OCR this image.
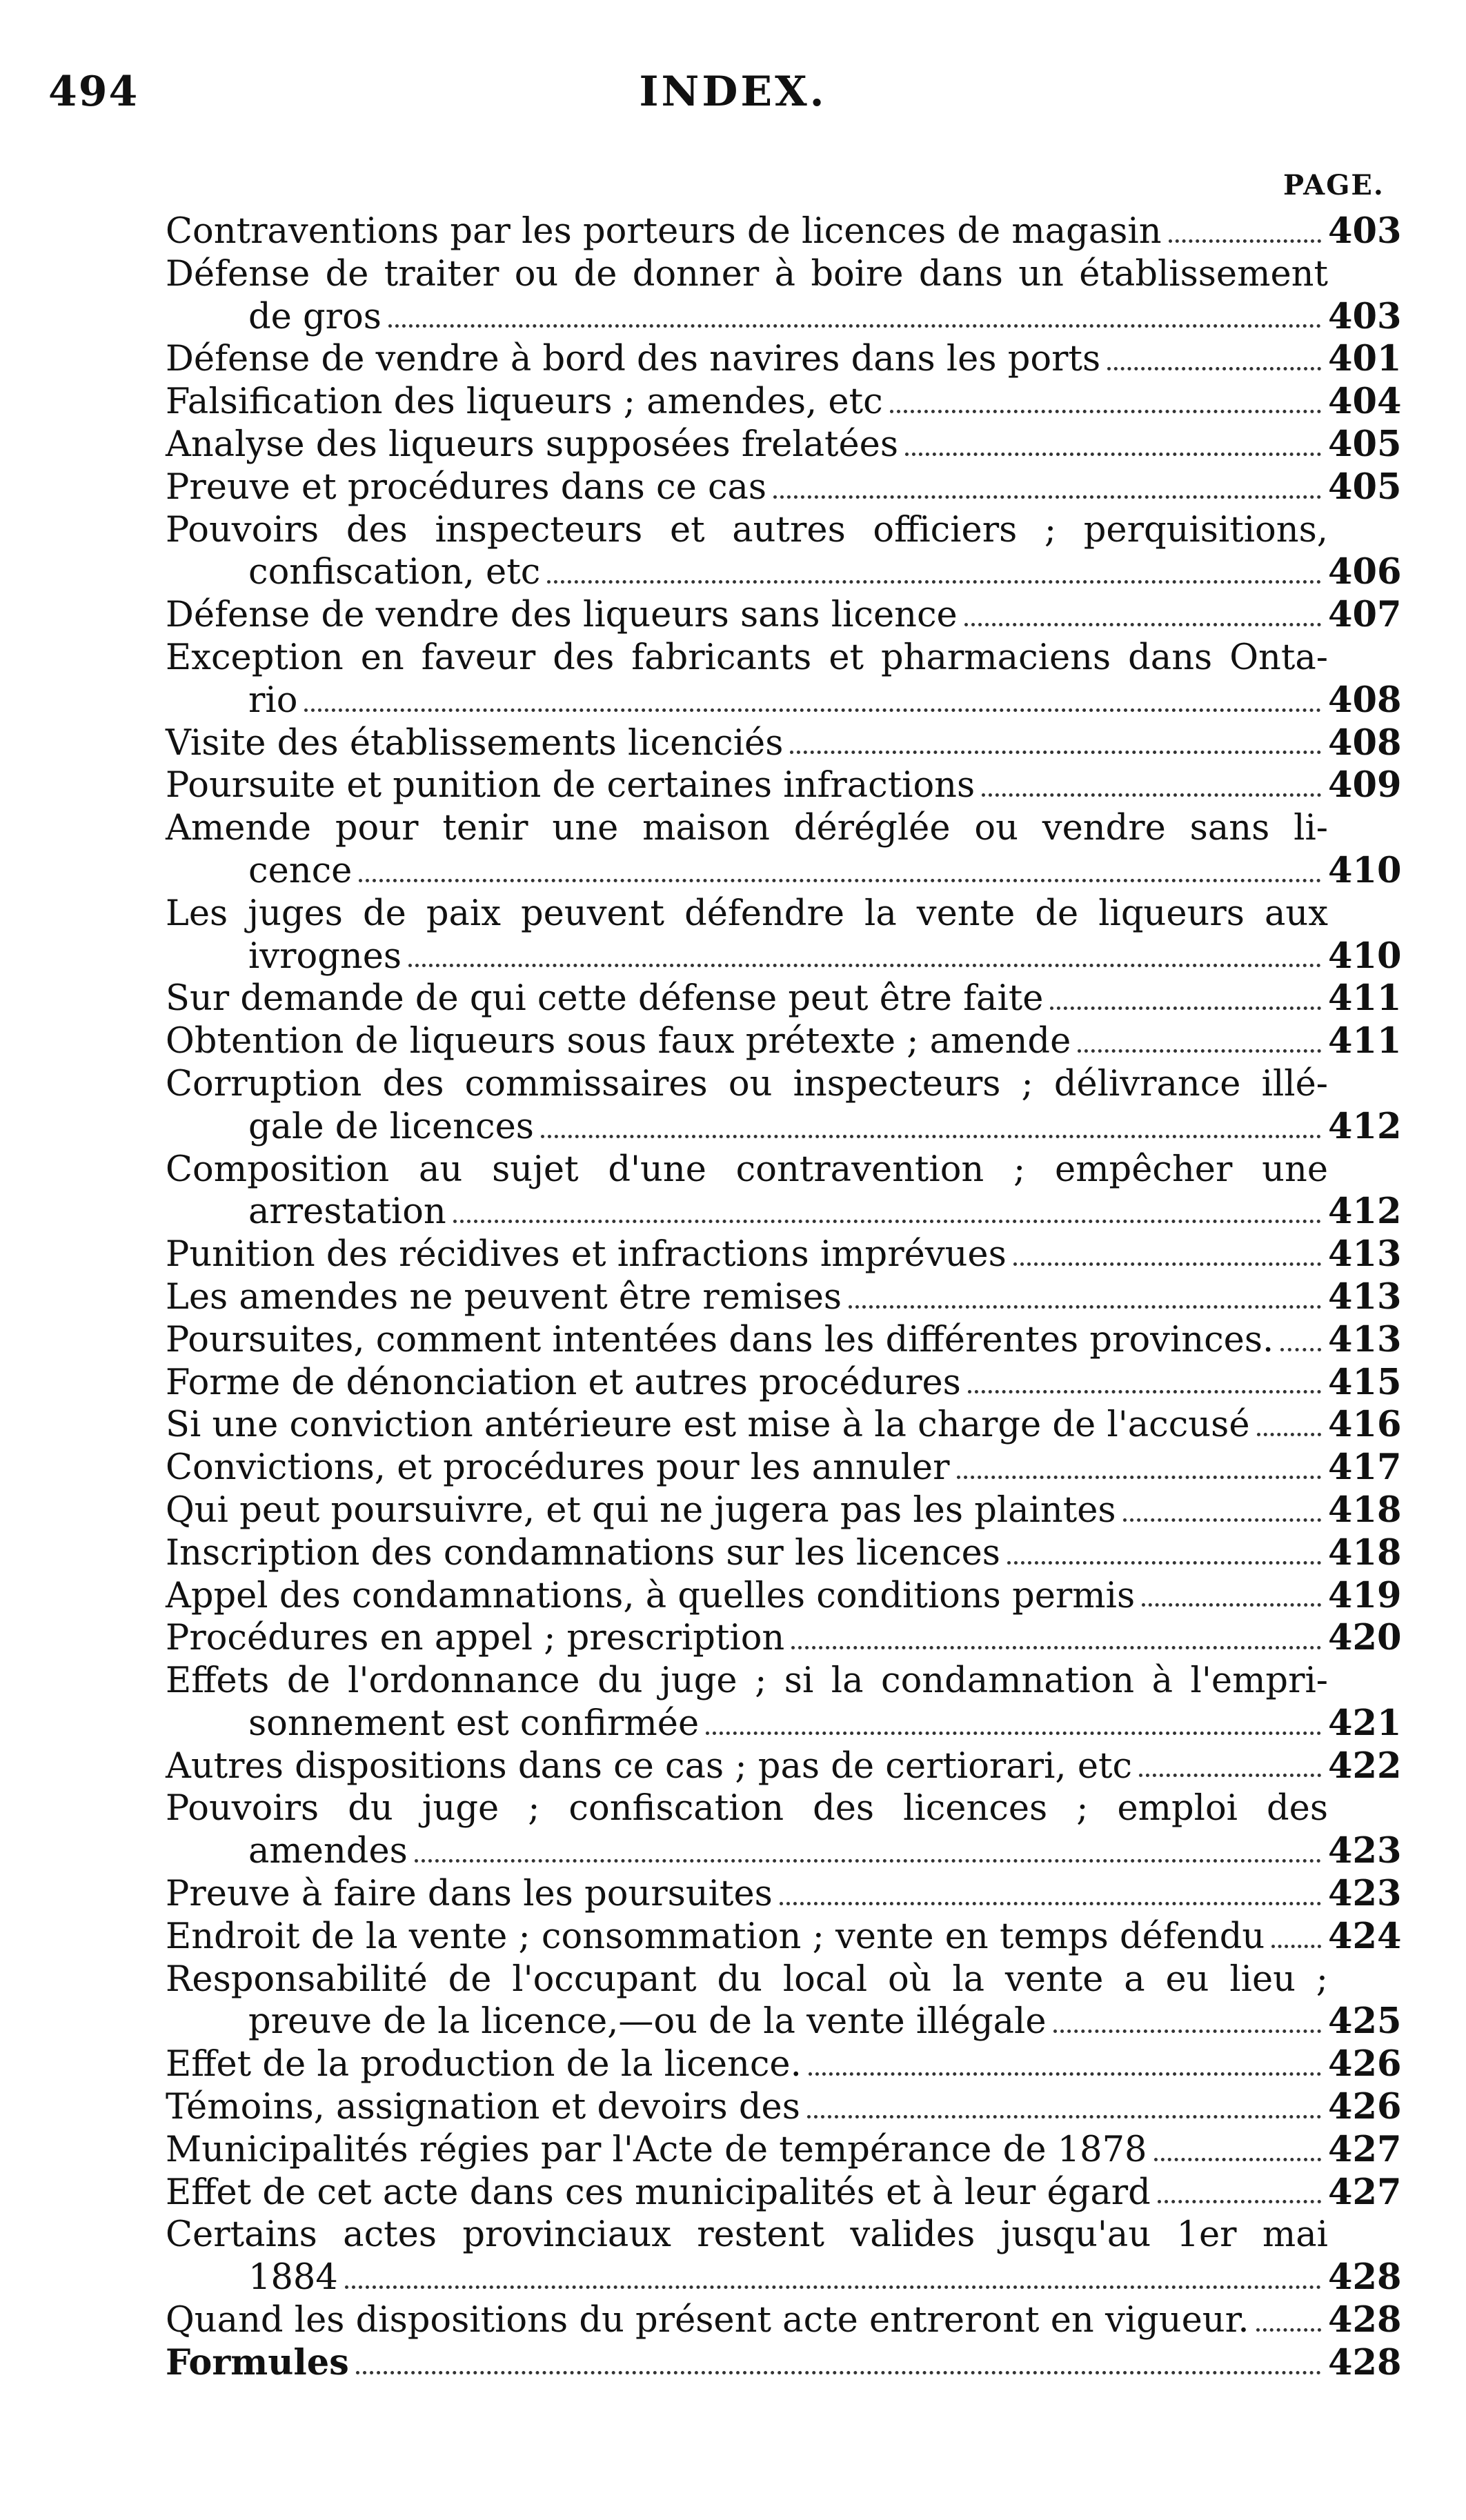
494	INDEX.
PAGE.
Contraventions par les porteurs de licences de magasin	403
Défense de traiter ou de donner à boire dans un établissement
de gros	403
Défense de vendre à bord des navires dans les ports	401
Falsification des liqueurs ; amendes, etc	404
Analyse des liqueurs supposées frelatées	405
Preuve et procédures dans ce cas	405
Pouvoirs des inspecteurs et autres officiers ; perquisitions,
confiscation, etc	406
Défense de vendre des liqueurs sans licence	407
Exception en faveur des fabricants et pharmaciens dans Onta-
rio	408
Visite des établissements licenciés	408
Poursuite et punition de certaines infractions	409
Amende pour tenir une maison déréglée ou vendre sans li-
cence	410
Les juges de paix peuvent défendre la vente de liqueurs aux
ivrognes	410
Sur demande de qui cette défense peut être faite	411
Obtention de liqueurs sous faux prétexte ; amende	411
Corruption des commissaires ou inspecteurs ; délivrance illé-
gale de licences	412
Composition au sujet d'une contravention ; empêcher une
arrestation	412
Punition des récidives et infractions imprévues	413
Les amendes ne peuvent être remises	413
Poursuites, comment intentées dans les différentes provinces. 413
Forme de dénonciation et autres procédures	415
Si une conviction antérieure est mise à la charge de l'accusé 416
Convictions, et procédures pour les annuler	417
Qui peut poursuivre, et qui ne jugera pas les plaintes	418
Inscription des condamnations sur les licences	418
Appel des condamnations, à quelles conditions permis	419
Procédures en appel ; prescription	420
Effets de l'ordonnance du juge ; si la condamnation à l'empri-
sonnement est confirmée	421
Autres dispositions dans ce cas ; pas de certiorari, etc	422
Pouvoirs du juge ; confiscation des licences ; emploi des
amendes	423
Preuve à faire dans les poursuites	423
Endroit de la vente ; consommation ; vente en temps défendu 424
Responsabilité de l'occupant du local où la vente a eu lieu ;
preuve de la licence,—ou de la vente illégale	425
Effet de la production de la licence.	426
Témoins, assignation et devoirs des	426
Municipalités régies par l'Acte de tempérance de 1878	427
Effet de cet acte dans ces municipalités et à leur égard	427
Certains actes provinciaux restent valides jusqu'au 1er mai
1884	428
Quand les dispositions du présent acte entreront en vigueur. 428
Formules	428
